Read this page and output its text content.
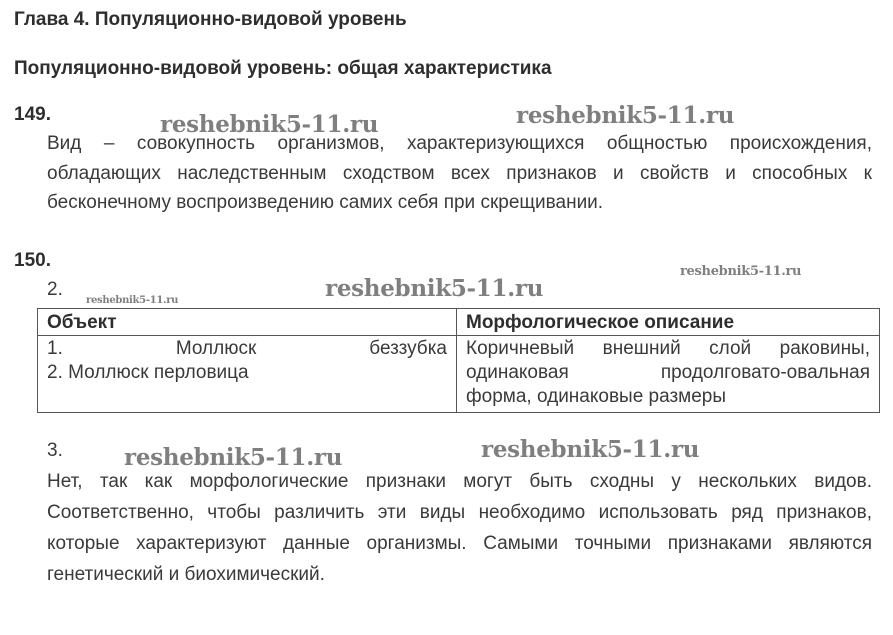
Глава 4. Популяционно-видовой уровень
Популяционно-видовой уровень: общая характеристика
149.

Вид – совокупность организмов, характеризующихся общностью происхождения, обладающих наследственным сходством всех признаков и свойств и способных к бесконечному воспроизведению самих себя при скрещивании.

150.
2.
Объект	Морфологическое описание

1. Моллюск беззубка
2. Моллюск перловица	Коричневый внешний слой раковины,
одинаковая продолговато-овальная
форма, одинаковые размеры
3.

Нет, так как морфологические признаки могут быть сходны у нескольких видов. Соответственно, чтобы различить эти виды необходимо использовать ряд признаков, которые характеризуют данные организмы. Самыми точными признаками являются генетический и биохимический.

reshebnik5-11.ru	reshebnik5-11.ru
reshebnik5-11.ru
reshebnik5-11.ru
reshebnik5-11.ru
reshebnik5-11.ru	reshebnik5-11.ru
